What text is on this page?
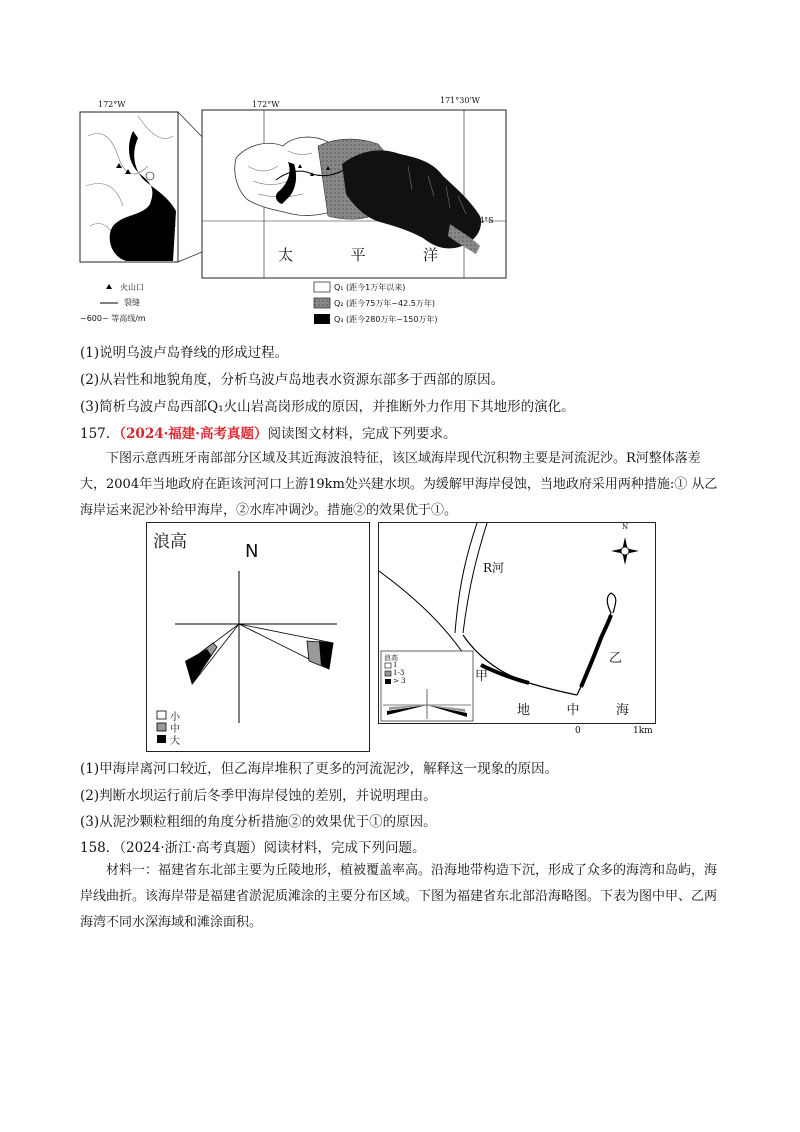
172°W	172°W	171°30'W
14°S
太	平	洋
火山口
裂缝
~600~ 等高线/m
Q₁ (距今1万年以来)
Q₂ (距今75万年~42.5万年)
Q₃ (距今280万年~150万年)
(1)说明乌波卢岛脊线的形成过程。
(2)从岩性和地貌角度，分析乌波卢岛地表水资源东部多于西部的原因。
(3)简析乌波卢岛西部Q₁火山岩高岗形成的原因，并推断外力作用下其地形的演化。
157．（2024·福建·高考真题）阅读图文材料，完成下列要求。
下图示意西班牙南部部分区域及其近海波浪特征，该区域海岸现代沉积物主要是河流泥沙。R河整体落差大，2004年当地政府在距该河河口上游19km处兴建水坝。为缓解甲海岸侵蚀，当地政府采用两种措施:① 从乙海岸运来泥沙补给甲海岸，②水库冲调沙。措施②的效果优于①。
浪高	N
小
中
大
R河
N
甲
乙
地	中	海
浪高
1
1-3
> 3
0	1km
(1)甲海岸离河口较近，但乙海岸堆积了更多的河流泥沙，解释这一现象的原因。
(2)判断水坝运行前后冬季甲海岸侵蚀的差别，并说明理由。
(3)从泥沙颗粒粗细的角度分析措施②的效果优于①的原因。
158．（2024·浙江·高考真题）阅读材料，完成下列问题。
材料一：福建省东北部主要为丘陵地形，植被覆盖率高。沿海地带构造下沉，形成了众多的海湾和岛屿，海岸线曲折。该海岸带是福建省淤泥质滩涂的主要分布区域。下图为福建省东北部沿海略图。下表为图中甲、乙两海湾不同水深海域和滩涂面积。
